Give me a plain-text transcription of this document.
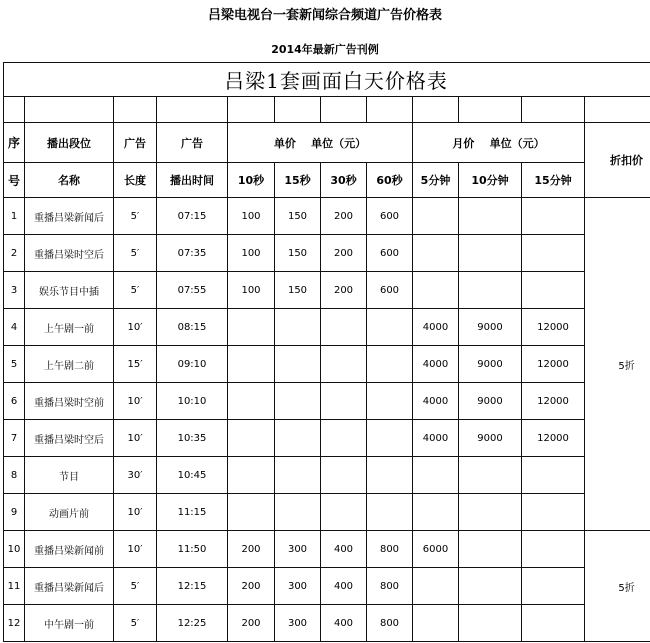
吕梁电视台一套新闻综合频道广告价格表
2014年最新广告刊例
吕梁1套画面白天价格表											

序	播出段位	广告	广告	单价    单位（元）				月价    单位（元）			折扣价
号	名称	长度	播出时间	10秒	15秒	30秒	60秒	5分钟	10分钟	15分钟	
1	重播吕梁新闻后	5′	07:15	100	150	200	600				5折
2	重播吕梁时空后	5′	07:35	100	150	200	600				
3	娱乐节目中插	5′	07:55	100	150	200	600				
4	上午剧一前	10′	08:15					4000	9000	12000	
5	上午剧二前	15′	09:10					4000	9000	12000	
6	重播吕梁时空前	10′	10:10					4000	9000	12000	
7	重播吕梁时空后	10′	10:35					4000	9000	12000	
8	节目	30′	10:45								
9	动画片前	10′	11:15								
10	重播吕梁新闻前	10′	11:50	200	300	400	800	6000			5折
11	重播吕梁新闻后	5′	12:15	200	300	400	800				
12	中午剧一前	5′	12:25	200	300	400	800				
